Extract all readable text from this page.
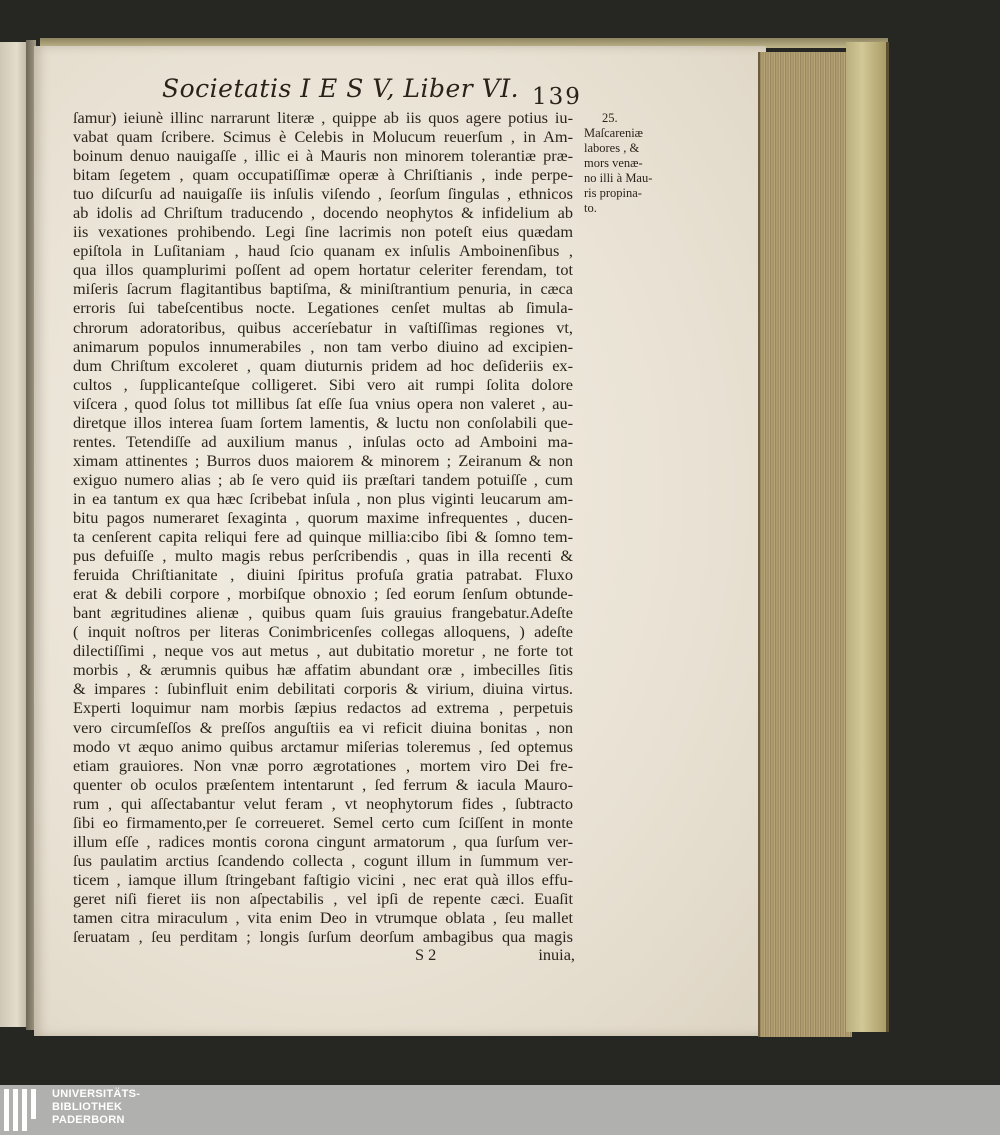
Societatis I E S V, Liber VI. 139
ſamur) ieiunè illinc narrarunt literæ , quippe ab iis quos agere potius iu-
vabat quam ſcribere. Scimus è Celebis in Molucum reuerſum , in Am-
boinum denuo nauigaſſe , illic ei à Mauris non minorem tolerantiæ præ-
bitam ſegetem , quam occupatiſſimæ operæ à Chriſtianis , inde perpe-
tuo diſcurſu ad nauigaſſe iis inſulis viſendo , ſeorſum ſingulas , ethnicos
ab idolis ad Chriſtum traducendo , docendo neophytos & infidelium ab
iis vexationes prohibendo. Legi ſine lacrimis non poteſt eius quædam
epiſtola in Luſitaniam , haud ſcio quanam ex inſulis Amboinenſibus ,
qua illos quamplurimi poſſent ad opem hortatur celeriter ferendam, tot
miſeris ſacrum flagitantibus baptiſma, & miniſtrantium penuria, in cæca
erroris ſui tabeſcentibus nocte. Legationes cenſet multas ab ſimula-
chrorum adoratoribus, quibus acceríebatur in vaſtiſſimas regiones vt,
animarum populos innumerabiles , non tam verbo diuino ad excipien-
dum Chriſtum excoleret , quam diuturnis pridem ad hoc deſideriis ex-
cultos , ſupplicanteſque colligeret. Sibi vero ait rumpi ſolita dolore
viſcera , quod ſolus tot millibus ſat eſſe ſua vnius opera non valeret , au-
diretque illos interea ſuam ſortem lamentis, & luctu non conſolabili que-
rentes. Tetendiſſe ad auxilium manus , inſulas octo ad Amboini ma-
ximam attinentes ; Burros duos maiorem & minorem ; Zeiranum & non
exiguo numero alias ; ab ſe vero quid iis præſtari tandem potuiſſe , cum
in ea tantum ex qua hæc ſcribebat inſula , non plus viginti leucarum am-
bitu pagos numeraret ſexaginta , quorum maxime infrequentes , ducen-
ta cenſerent capita reliqui fere ad quinque millia:cibo ſibi & ſomno tem-
pus defuiſſe , multo magis rebus perſcribendis , quas in illa recenti &
feruida Chriſtianitate , diuini ſpiritus profuſa gratia patrabat. Fluxo
erat & debili corpore , morbiſque obnoxio ; ſed eorum ſenſum obtunde-
bant ægritudines alienæ , quibus quam ſuis grauius frangebatur.Adeſte
( inquit noſtros per literas Conimbricenſes collegas alloquens, ) adeſte
dilectiſſimi , neque vos aut metus , aut dubitatio moretur , ne forte tot
morbis , & ærumnis quibus hæ affatim abundant oræ , imbecilles ſitis
& impares : ſubinfluit enim debilitati corporis & virium, diuina virtus.
Experti loquimur nam morbis ſæpius redactos ad extrema , perpetuis
vero circumſeſſos & preſſos anguſtiis ea vi reficit diuina bonitas , non
modo vt æquo animo quibus arctamur miſerias toleremus , ſed optemus
etiam grauiores. Non vnæ porro ægrotationes , mortem viro Dei fre-
quenter ob oculos præſentem intentarunt , ſed ferrum & iacula Mauro-
rum , qui aſſectabantur velut feram , vt neophytorum fides , ſubtracto
ſibi eo firmamento,per ſe correueret. Semel certo cum ſciſſent in monte
illum eſſe , radices montis corona cingunt armatorum , qua ſurſum ver-
ſus paulatim arctius ſcandendo collecta , cogunt illum in ſummum ver-
ticem , iamque illum ſtringebant faſtigio vicini , nec erat quà illos effu-
geret niſi fieret iis non aſpectabilis , vel ipſi de repente cæci. Euaſit
tamen citra miraculum , vita enim Deo in vtrumque oblata , ſeu mallet
ſeruatam , ſeu perditam ; longis ſurſum deorſum ambagibus qua magis
25.
Maſcareniæ
labores , &
mors venæ-
no illi à Mau-
ris propina-
to.
S 2	inuia,
UNIVERSITÄTS-
BIBLIOTHEK
PADERBORN
